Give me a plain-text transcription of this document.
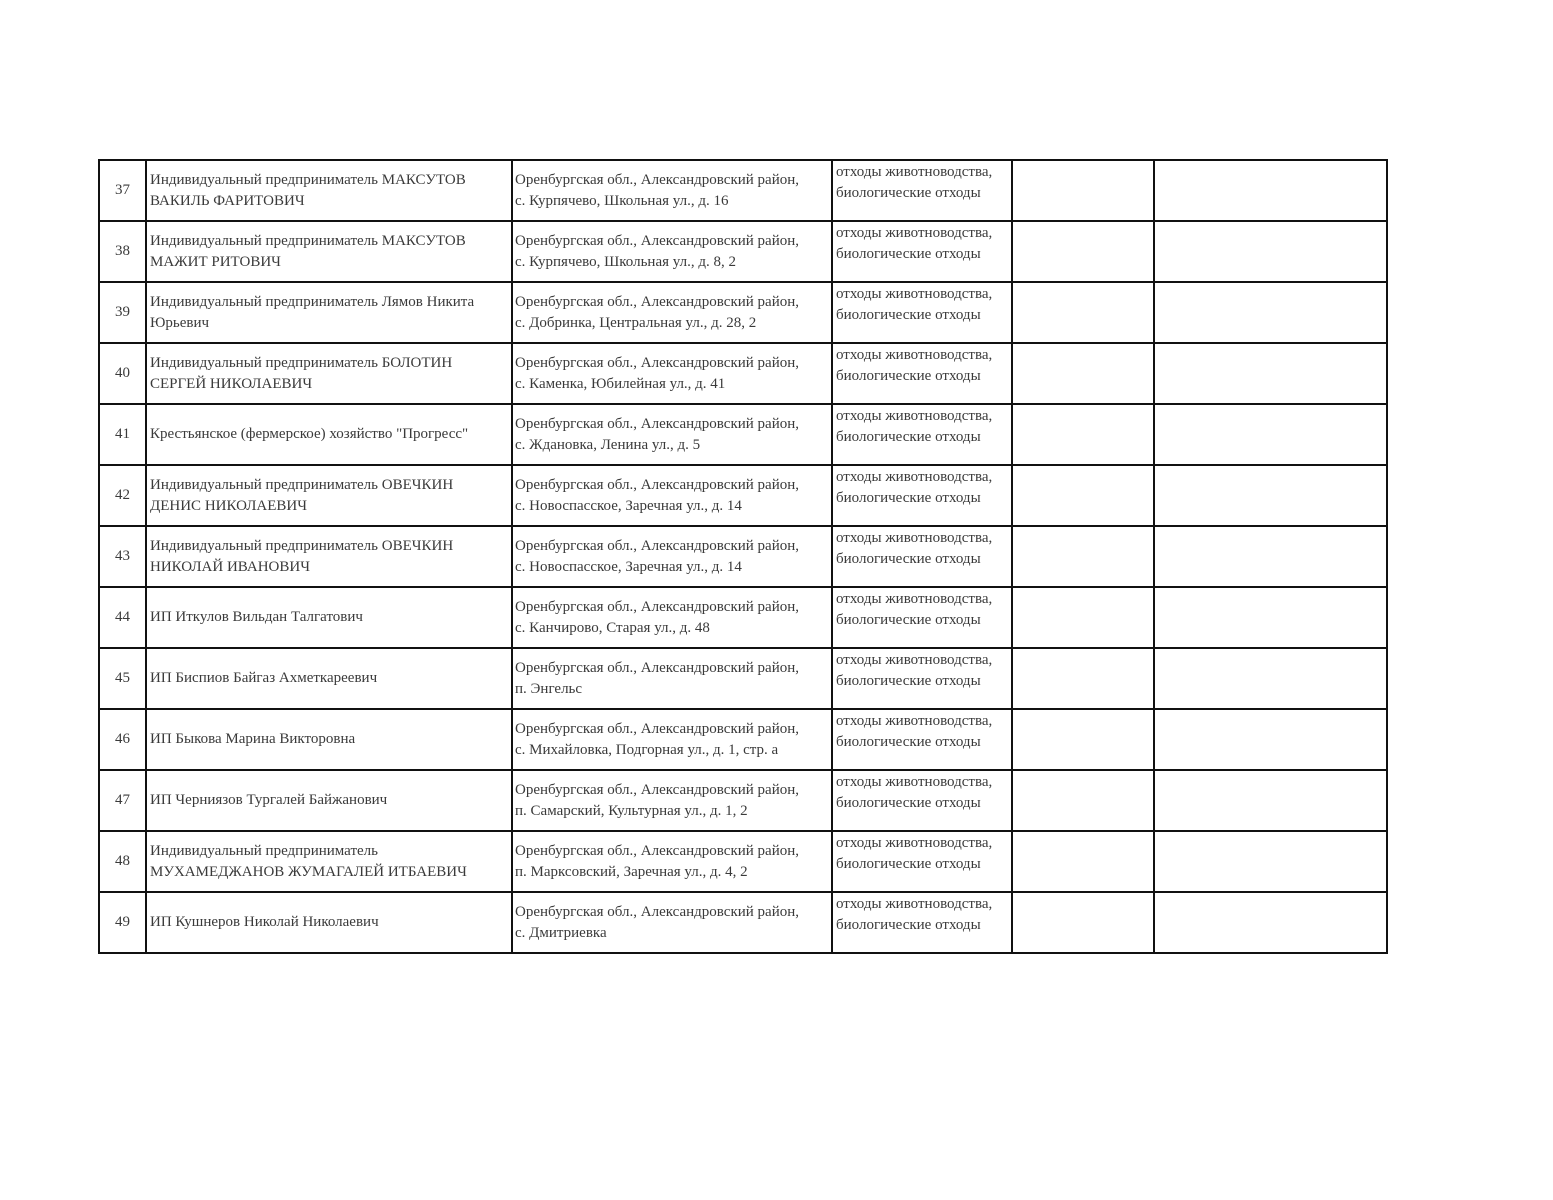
37	Индивидуальный предприниматель МАКСУТОВ
ВАКИЛЬ ФАРИТОВИЧ	Оренбургская обл., Александровский район,
с. Курпячево, Школьная ул., д. 16	отходы животноводства,
биологические отходы		

38	Индивидуальный предприниматель МАКСУТОВ
МАЖИТ РИТОВИЧ	Оренбургская обл., Александровский район,
с. Курпячево, Школьная ул., д. 8, 2	отходы животноводства,
биологические отходы		

39	Индивидуальный предприниматель Лямов Никита
Юрьевич	Оренбургская обл., Александровский район,
с. Добринка, Центральная ул., д. 28, 2	отходы животноводства,
биологические отходы		

40	Индивидуальный предприниматель БОЛОТИН
СЕРГЕЙ НИКОЛАЕВИЧ	Оренбургская обл., Александровский район,
с. Каменка, Юбилейная ул., д. 41	отходы животноводства,
биологические отходы		

41	Крестьянское (фермерское) хозяйство "Прогресс"	Оренбургская обл., Александровский район,
с. Ждановка, Ленина ул., д. 5	отходы животноводства,
биологические отходы		

42	Индивидуальный предприниматель ОВЕЧКИН
ДЕНИС НИКОЛАЕВИЧ	Оренбургская обл., Александровский район,
с. Новоспасское, Заречная ул., д. 14	отходы животноводства,
биологические отходы		

43	Индивидуальный предприниматель ОВЕЧКИН
НИКОЛАЙ ИВАНОВИЧ	Оренбургская обл., Александровский район,
с. Новоспасское, Заречная ул., д. 14	отходы животноводства,
биологические отходы		

44	ИП Иткулов Вильдан Талгатович	Оренбургская обл., Александровский район,
с. Канчирово, Старая ул., д. 48	отходы животноводства,
биологические отходы		

45	ИП Биспиов Байгаз Ахметкареевич	Оренбургская обл., Александровский район,
п. Энгельс	отходы животноводства,
биологические отходы		

46	ИП Быкова Марина Викторовна	Оренбургская обл., Александровский район,
с. Михайловка, Подгорная ул., д. 1, стр. а	отходы животноводства,
биологические отходы		

47	ИП Черниязов Тургалей Байжанович	Оренбургская обл., Александровский район,
п. Самарский, Культурная ул., д. 1, 2	отходы животноводства,
биологические отходы		

48	Индивидуальный предприниматель
МУХАМЕДЖАНОВ ЖУМАГАЛЕЙ ИТБАЕВИЧ	Оренбургская обл., Александровский район,
п. Марксовский, Заречная ул., д. 4, 2	отходы животноводства,
биологические отходы		

49	ИП Кушнеров Николай Николаевич	Оренбургская обл., Александровский район,
с. Дмитриевка	отходы животноводства,
биологические отходы		
